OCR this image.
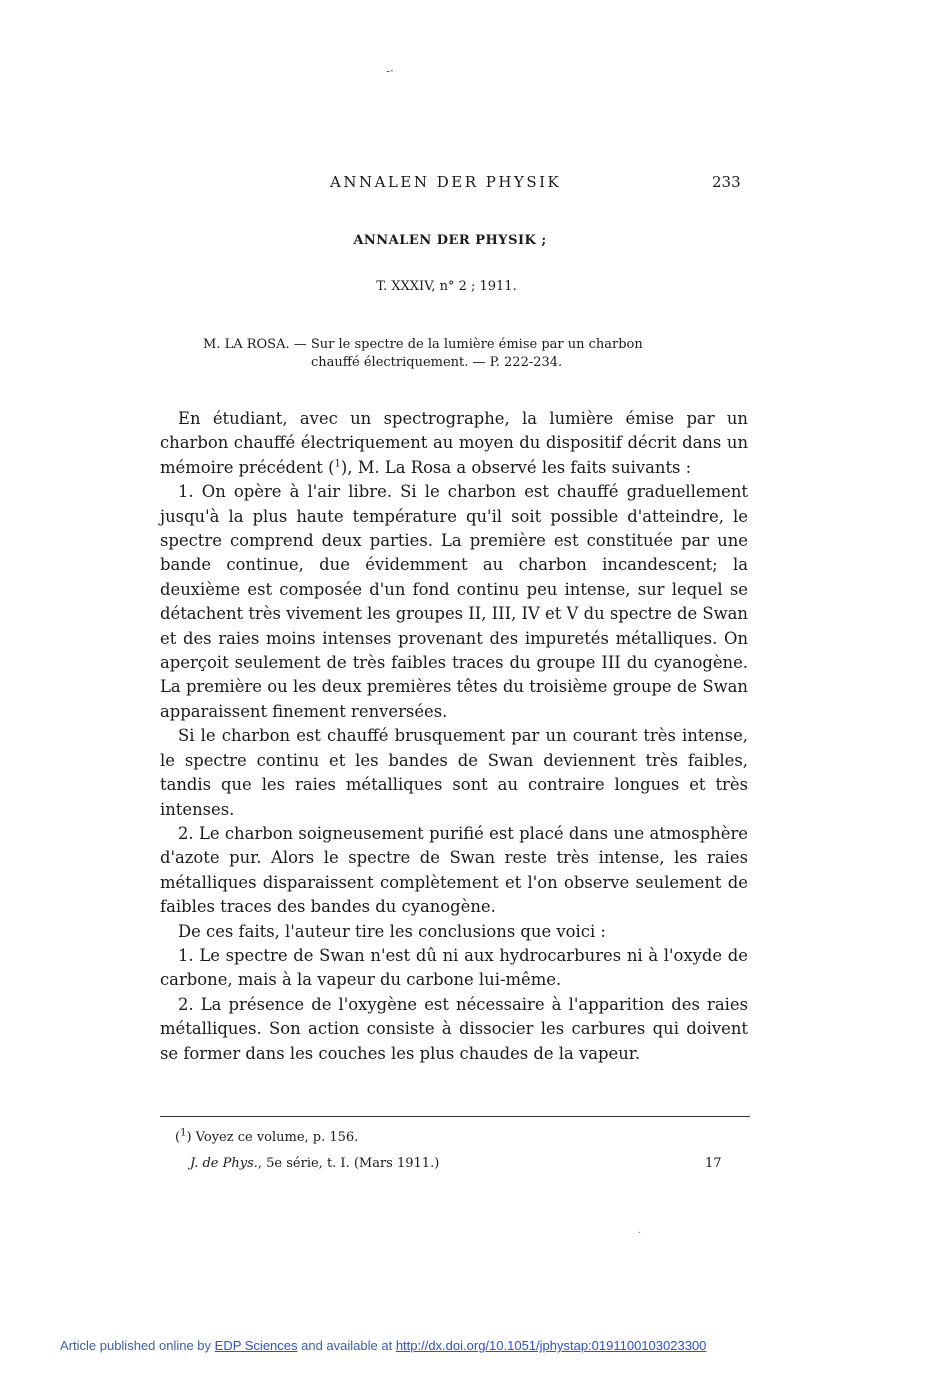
-·
ANNALEN DER PHYSIK	233
ANNALEN DER PHYSIK ;
T. XXXIV, n° 2 ; 1911.
M. LA ROSA. — Sur le spectre de la lumière émise par un charbon
chauffé électriquement. — P. 222-234.

En étudiant, avec un spectrographe, la lumière émise par un charbon chauffé électriquement au moyen du dispositif décrit dans un mémoire précédent ($^1$), M. La Rosa a observé les faits suivants :

1. On opère à l'air libre. Si le charbon est chauffé graduellement jusqu'à la plus haute température qu'il soit possible d'atteindre, le spectre comprend deux parties. La première est constituée par une bande continue, due évidemment au charbon incandescent; la deuxième est composée d'un fond continu peu intense, sur lequel se détachent très vivement les groupes II, III, IV et V du spectre de Swan et des raies moins intenses provenant des impuretés métalliques. On aperçoit seulement de très faibles traces du groupe III du cyanogène. La première ou les deux premières têtes du troisième groupe de Swan apparaissent finement renversées.

Si le charbon est chauffé brusquement par un courant très intense, le spectre continu et les bandes de Swan deviennent très faibles, tandis que les raies métalliques sont au contraire longues et très intenses.

2. Le charbon soigneusement purifié est placé dans une atmosphère d'azote pur. Alors le spectre de Swan reste très intense, les raies métalliques disparaissent complètement et l'on observe seulement de faibles traces des bandes du cyanogène.

De ces faits, l'auteur tire les conclusions que voici :

1. Le spectre de Swan n'est dû ni aux hydrocarbures ni à l'oxyde de carbone, mais à la vapeur du carbone lui-même.

2. La présence de l'oxygène est nécessaire à l'apparition des raies métalliques. Son action consiste à dissocier les carbures qui doivent se former dans les couches les plus chaudes de la vapeur.

($^1$) Voyez ce volume, p. 156.
J. de Phys., 5e série, t. I. (Mars 1911.)	17
·
Article published online by EDP Sciences and available at http://dx.doi.org/10.1051/jphystap:0191100103023300
